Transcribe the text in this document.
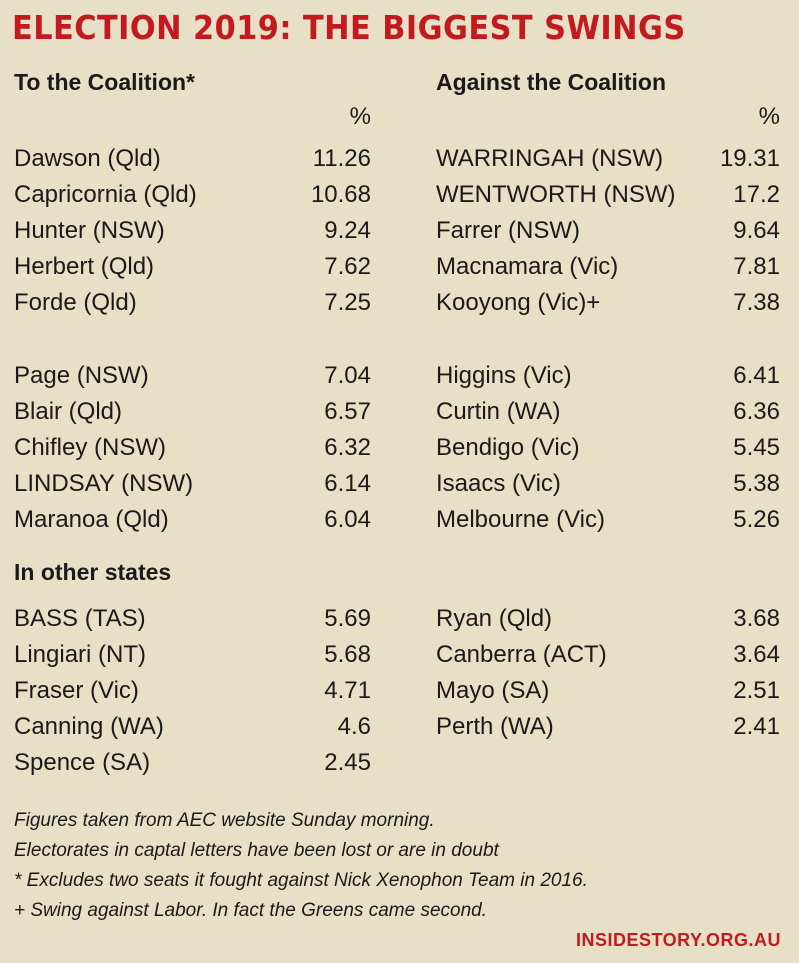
ELECTION 2019: THE BIGGEST SWINGS
To the Coalition*
%
Dawson (Qld)	11.26
Capricornia (Qld)	10.68
Hunter (NSW)	9.24
Herbert (Qld)	7.62
Forde (Qld)	7.25
Page (NSW)	7.04
Blair (Qld)	6.57
Chifley (NSW)	6.32
LINDSAY (NSW)	6.14
Maranoa (Qld)	6.04
In other states
BASS (TAS)	5.69
Lingiari (NT)	5.68
Fraser (Vic)	4.71
Canning (WA)	4.6
Spence (SA)	2.45
Against the Coalition
%
WARRINGAH (NSW) 19.31
WENTWORTH (NSW) 17.2
Farrer (NSW)	9.64
Macnamara (Vic)	7.81
Kooyong (Vic)+	7.38
Higgins (Vic)	6.41
Curtin (WA)	6.36
Bendigo (Vic)	5.45
Isaacs (Vic)	5.38
Melbourne (Vic)	5.26
Ryan (Qld)	3.68
Canberra (ACT)	3.64
Mayo (SA)	2.51
Perth (WA)	2.41
Figures taken from AEC website Sunday morning.
Electorates in captal letters have been lost or are in doubt
* Excludes two seats it fought against Nick Xenophon Team in 2016.
+ Swing against Labor. In fact the Greens came second.
INSIDESTORY.ORG.AU
